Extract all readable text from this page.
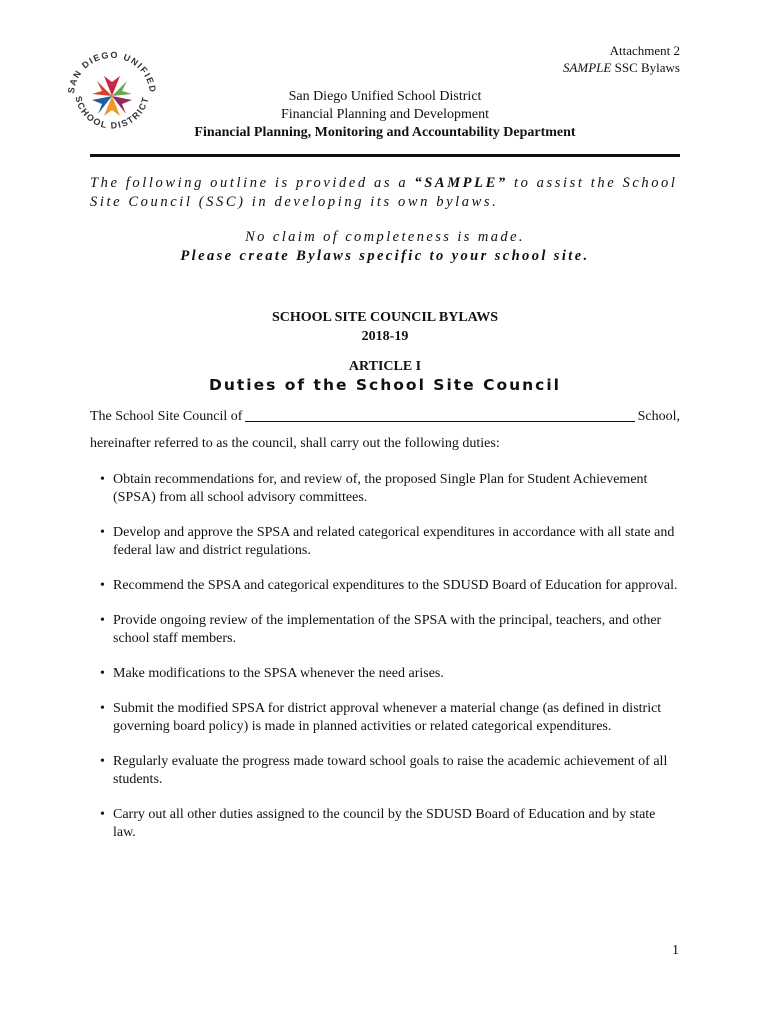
SAN DIEGO UNIFIED
SCHOOL DISTRICT
Attachment 2
SAMPLE SSC Bylaws
San Diego Unified School District
Financial Planning and Development
Financial Planning, Monitoring and Accountability Department
The following outline is provided as a “SAMPLE” to assist the School Site Council (SSC) in developing its own bylaws.
No claim of completeness is made.
Please create Bylaws specific to your school site.
SCHOOL SITE COUNCIL BYLAWS
2018-19
ARTICLE I
Duties of the School Site Council
The School Site Council of	School,
hereinafter referred to as the council, shall carry out the following duties:
• Obtain recommendations for, and review of, the proposed Single Plan for Student Achievement (SPSA) from all school advisory committees.
• Develop and approve the SPSA and related categorical expenditures in accordance with all state and federal law and district regulations.
• Recommend the SPSA and categorical expenditures to the SDUSD Board of Education for approval.
• Provide ongoing review of the implementation of the SPSA with the principal, teachers, and other school staff members.
• Make modifications to the SPSA whenever the need arises.
• Submit the modified SPSA for district approval whenever a material change (as defined in district governing board policy) is made in planned activities or related categorical expenditures.
• Regularly evaluate the progress made toward school goals to raise the academic achievement of all students.
• Carry out all other duties assigned to the council by the SDUSD Board of Education and by state law.
1
